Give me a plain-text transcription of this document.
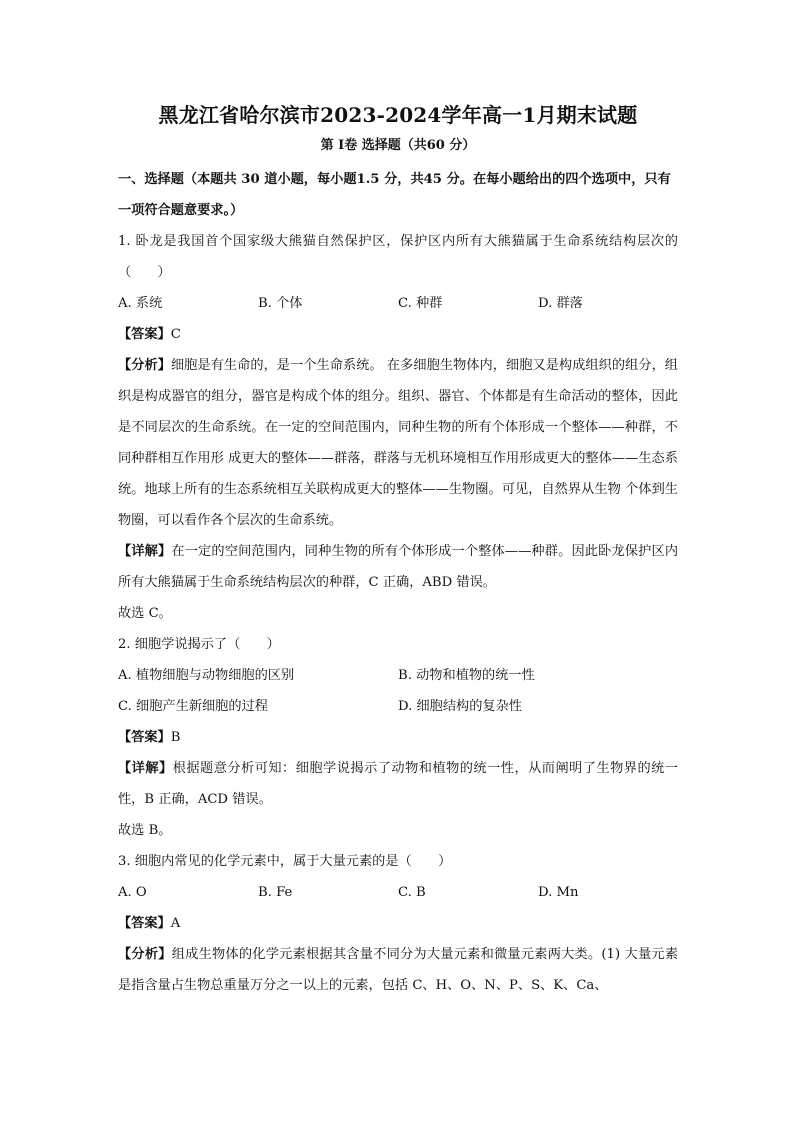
黑龙江省哈尔滨市2023-2024学年高一1月期末试题
第 I卷 选择题（共60 分）

一、选择题（本题共 30 道小题，每小题1.5 分，共45 分。在每小题给出的四个选项中，只有一项符合题意要求。）

1. 卧龙是我国首个国家级大熊猫自然保护区，保护区内所有大熊猫属于生命系统结构层次的（　　）

A. 系统	B. 个体	C. 种群	D. 群落

【答案】C

【分析】细胞是有生命的，是一个生命系统。 在多细胞生物体内，细胞又是构成组织的组分，组织是构成器官的组分，器官是构成个体的组分。组织、器官、个体都是有生命活动的整体，因此是不同层次的生命系统。在一定的空间范围内，同种生物的所有个体形成一个整体——种群，不同种群相互作用形 成更大的整体——群落，群落与无机环境相互作用形成更大的整体——生态系统。地球上所有的生态系统相互关联构成更大的整体——生物圈。可见，自然界从生物 个体到生物圈，可以看作各个层次的生命系统。

【详解】在一定的空间范围内，同种生物的所有个体形成一个整体——种群。因此卧龙保护区内所有大熊猫属于生命系统结构层次的种群，C 正确，ABD 错误。

故选 C。

2. 细胞学说揭示了（　　）

A. 植物细胞与动物细胞的区别	B. 动物和植物的统一性
C. 细胞产生新细胞的过程	D. 细胞结构的复杂性

【答案】B

【详解】根据题意分析可知：细胞学说揭示了动物和植物的统一性，从而阐明了生物界的统一性，B 正确，ACD 错误。

故选 B。

3. 细胞内常见的化学元素中，属于大量元素的是（　　）

A. O	B. Fe	C. B	D. Mn

【答案】A

【分析】组成生物体的化学元素根据其含量不同分为大量元素和微量元素两大类。(1) 大量元素是指含量占生物总重量万分之一以上的元素，包括 C、H、O、N、P、S、K、Ca、
